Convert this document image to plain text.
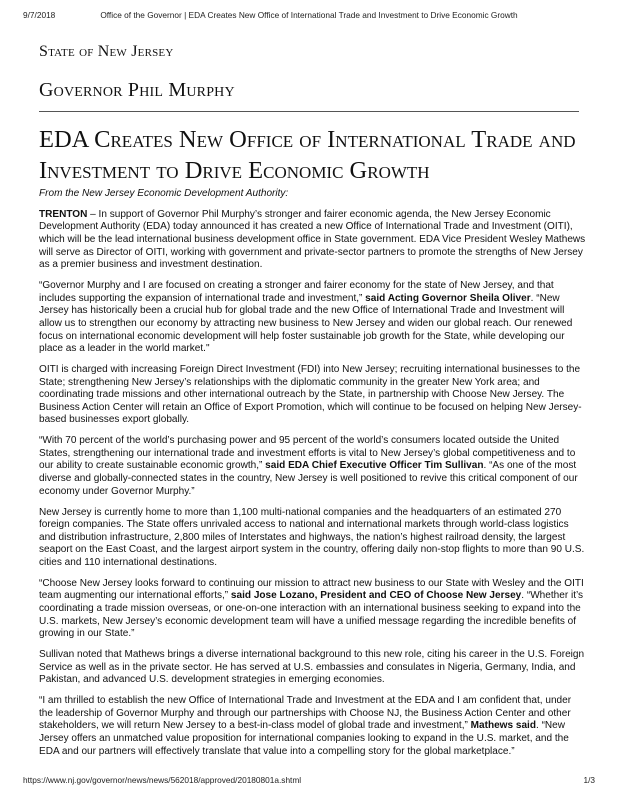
9/7/2018	Office of the Governor | EDA Creates New Office of International Trade and Investment to Drive Economic Growth
State of New Jersey
Governor Phil Murphy
EDA Creates New Office of International Trade and Investment to Drive Economic Growth

From the New Jersey Economic Development Authority:

TRENTON – In support of Governor Phil Murphy’s stronger and fairer economic agenda, the New Jersey Economic Development Authority (EDA) today announced it has created a new Office of International Trade and Investment (OITI), which will be the lead international business development office in State government. EDA Vice President Wesley Mathews will serve as Director of OITI, working with government and private-sector partners to promote the strengths of New Jersey as a premier business and investment destination.

“Governor Murphy and I are focused on creating a stronger and fairer economy for the state of New Jersey, and that includes supporting the expansion of international trade and investment,” said Acting Governor Sheila Oliver. “New Jersey has historically been a crucial hub for global trade and the new Office of International Trade and Investment will allow us to strengthen our economy by attracting new business to New Jersey and widen our global reach. Our renewed focus on international economic development will help foster sustainable job growth for the State, while developing our place as a leader in the world market."

OITI is charged with increasing Foreign Direct Investment (FDI) into New Jersey; recruiting international businesses to the State; strengthening New Jersey’s relationships with the diplomatic community in the greater New York area; and coordinating trade missions and other international outreach by the State, in partnership with Choose New Jersey. The Business Action Center will retain an Office of Export Promotion, which will continue to be focused on helping New Jersey-based businesses export globally.

“With 70 percent of the world’s purchasing power and 95 percent of the world’s consumers located outside the United States, strengthening our international trade and investment efforts is vital to New Jersey’s global competitiveness and to our ability to create sustainable economic growth,” said EDA Chief Executive Officer Tim Sullivan. “As one of the most diverse and globally-connected states in the country, New Jersey is well positioned to revive this critical component of our economy under Governor Murphy.”

New Jersey is currently home to more than 1,100 multi-national companies and the headquarters of an estimated 270 foreign companies. The State offers unrivaled access to national and international markets through world-class logistics and distribution infrastructure, 2,800 miles of Interstates and highways, the nation’s highest railroad density, the largest seaport on the East Coast, and the largest airport system in the country, offering daily non-stop flights to more than 90 U.S. cities and 110 international destinations.

“Choose New Jersey looks forward to continuing our mission to attract new business to our State with Wesley and the OITI team augmenting our international efforts,” said Jose Lozano, President and CEO of Choose New Jersey. “Whether it’s coordinating a trade mission overseas, or one-on-one interaction with an international business seeking to expand into the U.S. markets, New Jersey’s economic development team will have a unified message regarding the incredible benefits of growing in our State.”

Sullivan noted that Mathews brings a diverse international background to this new role, citing his career in the U.S. Foreign Service as well as in the private sector. He has served at U.S. embassies and consulates in Nigeria, Germany, India, and Pakistan, and advanced U.S. development strategies in emerging economies.

“I am thrilled to establish the new Office of International Trade and Investment at the EDA and I am confident that, under the leadership of Governor Murphy and through our partnerships with Choose NJ, the Business Action Center and other stakeholders, we will return New Jersey to a best-in-class model of global trade and investment,” Mathews said. “New Jersey offers an unmatched value proposition for international companies looking to expand in the U.S. market, and the EDA and our partners will effectively translate that value into a compelling story for the global marketplace.”

https://www.nj.gov/governor/news/news/562018/approved/20180801a.shtml	1/3
